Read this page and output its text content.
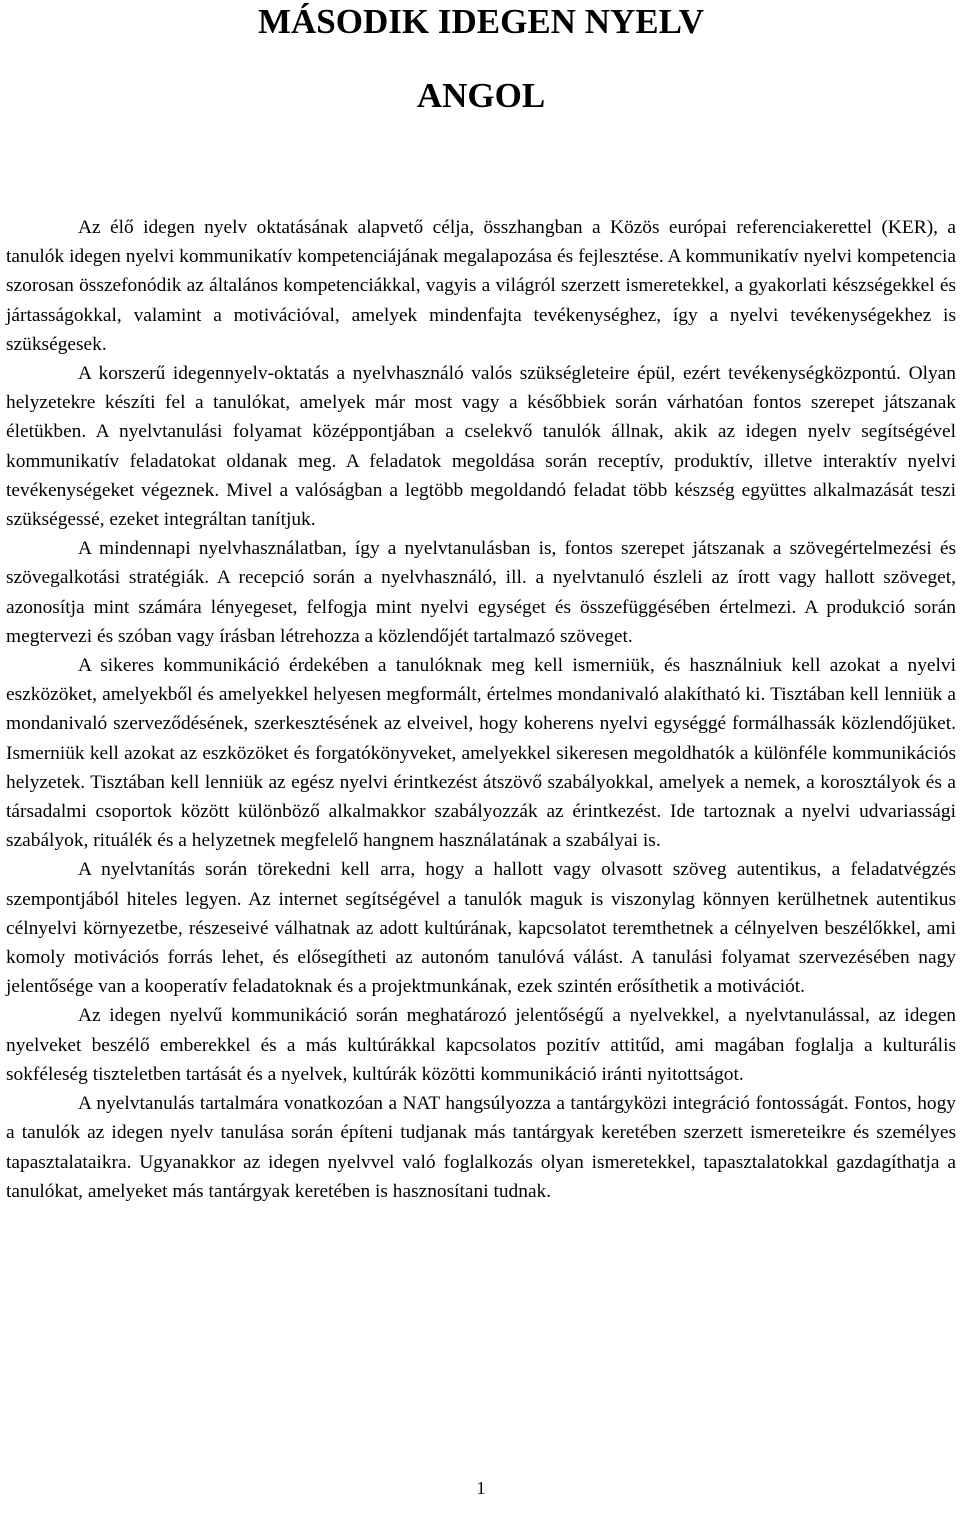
MÁSODIK IDEGEN NYELV
ANGOL

Az élő idegen nyelv oktatásának alapvető célja, összhangban a Közös európai referenciakerettel (KER), a tanulók idegen nyelvi kommunikatív kompetenciájának megalapozása és fejlesztése. A kommunikatív nyelvi kompetencia szorosan összefonódik az általános kompetenciákkal, vagyis a világról szerzett ismeretekkel, a gyakorlati készségekkel és jártasságokkal, valamint a motivációval, amelyek mindenfajta tevékenységhez, így a nyelvi tevékenységekhez is szükségesek.

A korszerű idegennyelv-oktatás a nyelvhasználó valós szükségleteire épül, ezért tevékenységközpontú. Olyan helyzetekre készíti fel a tanulókat, amelyek már most vagy a későbbiek során várhatóan fontos szerepet játszanak életükben. A nyelvtanulási folyamat középpontjában a cselekvő tanulók állnak, akik az idegen nyelv segítségével kommunikatív feladatokat oldanak meg. A feladatok megoldása során receptív, produktív, illetve interaktív nyelvi tevékenységeket végeznek. Mivel a valóságban a legtöbb megoldandó feladat több készség együttes alkalmazását teszi szükségessé, ezeket integráltan tanítjuk.

A mindennapi nyelvhasználatban, így a nyelvtanulásban is, fontos szerepet játszanak a szövegértelmezési és szövegalkotási stratégiák. A recepció során a nyelvhasználó, ill. a nyelvtanuló észleli az írott vagy hallott szöveget, azonosítja mint számára lényegeset, felfogja mint nyelvi egységet és összefüggésében értelmezi. A produkció során megtervezi és szóban vagy írásban létrehozza a közlendőjét tartalmazó szöveget.

A sikeres kommunikáció érdekében a tanulóknak meg kell ismerniük, és használniuk kell azokat a nyelvi eszközöket, amelyekből és amelyekkel helyesen megformált, értelmes mondanivaló alakítható ki. Tisztában kell lenniük a mondanivaló szerveződésének, szerkesztésének az elveivel, hogy koherens nyelvi egységgé formálhassák közlendőjüket. Ismerniük kell azokat az eszközöket és forgatókönyveket, amelyekkel sikeresen megoldhatók a különféle kommunikációs helyzetek. Tisztában kell lenniük az egész nyelvi érintkezést átszövő szabályokkal, amelyek a nemek, a korosztályok és a társadalmi csoportok között különböző alkalmakkor szabályozzák az érintkezést. Ide tartoznak a nyelvi udvariassági szabályok, rituálék és a helyzetnek megfelelő hangnem használatának a szabályai is.

A nyelvtanítás során törekedni kell arra, hogy a hallott vagy olvasott szöveg autentikus, a feladatvégzés szempontjából hiteles legyen. Az internet segítségével a tanulók maguk is viszonylag könnyen kerülhetnek autentikus célnyelvi környezetbe, részeseivé válhatnak az adott kultúrának, kapcsolatot teremthetnek a célnyelven beszélőkkel, ami komoly motivációs forrás lehet, és elősegítheti az autonóm tanulóvá válást. A tanulási folyamat szervezésében nagy jelentősége van a kooperatív feladatoknak és a projektmunkának, ezek szintén erősíthetik a motivációt.

Az idegen nyelvű kommunikáció során meghatározó jelentőségű a nyelvekkel, a nyelvtanulással, az idegen nyelveket beszélő emberekkel és a más kultúrákkal kapcsolatos pozitív attitűd, ami magában foglalja a kulturális sokféleség tiszteletben tartását és a nyelvek, kultúrák közötti kommunikáció iránti nyitottságot.

A nyelvtanulás tartalmára vonatkozóan a NAT hangsúlyozza a tantárgyközi integráció fontosságát. Fontos, hogy a tanulók az idegen nyelv tanulása során építeni tudjanak más tantárgyak keretében szerzett ismereteikre és személyes tapasztalataikra. Ugyanakkor az idegen nyelvvel való foglalkozás olyan ismeretekkel, tapasztalatokkal gazdagíthatja a tanulókat, amelyeket más tantárgyak keretében is hasznosítani tudnak.

1
